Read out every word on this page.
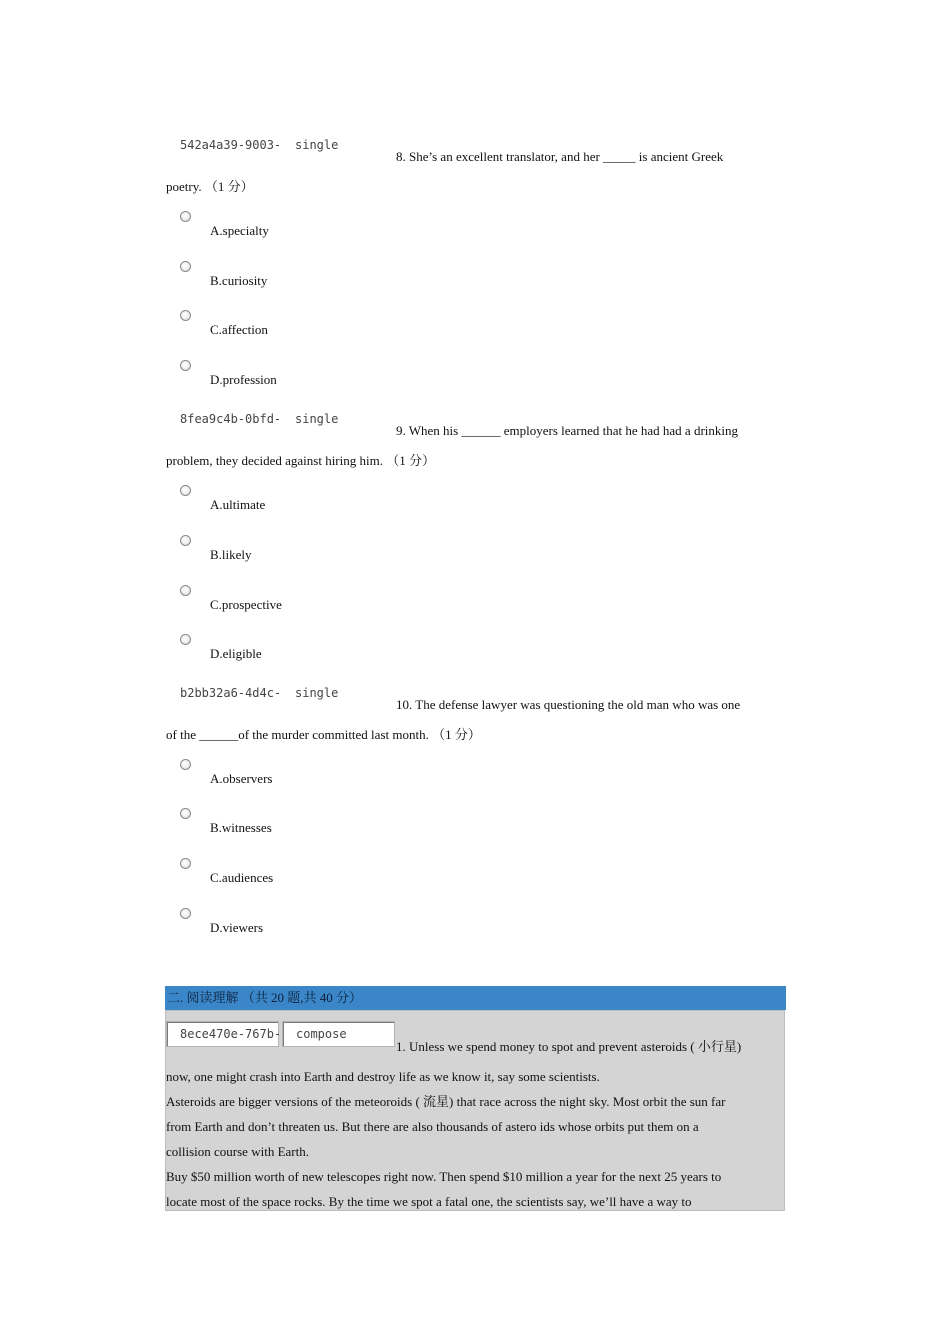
542a4a39-9003- single
8. She’s an excellent translator, and her _____ is ancient Greek
poetry. （1 分）
A.specialty
B.curiosity
C.affection
D.profession
8fea9c4b-0bfd- single
9. When his ______ employers learned that he had had a drinking
problem, they decided against hiring him. （1 分）
A.ultimate
B.likely
C.prospective
D.eligible
b2bb32a6-4d4c- single
10. The defense lawyer was questioning the old man who was one
of the ______of the murder committed last month. （1 分）
A.observers
B.witnesses
C.audiences
D.viewers
二. 阅读理解 （共 20 题,共 40 分）
8ece470e-767b-	compose
1. Unless we spend money to spot and prevent asteroids ( 小行星)
now, one might crash into Earth and destroy life as we know it, say some scientists.
Asteroids are bigger versions of the meteoroids ( 流星) that race across the night sky. Most orbit the sun far
from Earth and don’t threaten us. But there are also thousands of astero ids whose orbits put them on a
collision course with Earth.
Buy $50 million worth of new telescopes right now. Then spend $10 million a year for the next 25 years to
locate most of the space rocks. By the time we spot a fatal one, the scientists say, we’ll have a way to
